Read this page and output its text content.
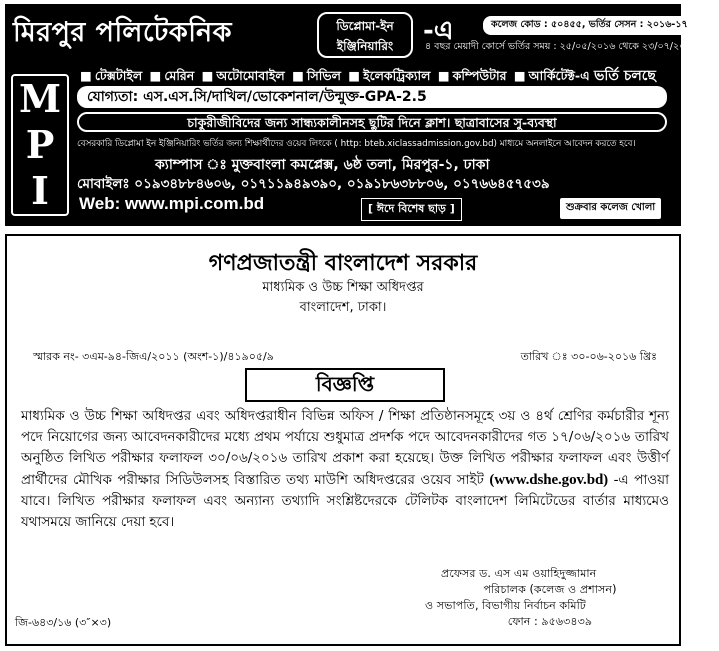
মিরপুর পলিটেকনিক	ডিপ্লোমা-ইন
ইঞ্জিনিয়ারিং	-এ	কলেজ কোড : ৫০৪৫৫, ভর্তির সেসন : ২০১৬-১৭
৪ বছর মেয়াদী কোর্সে ভর্তির সময় : ২৫/০৫/২০১৬ থেকে ২৩/০৭/২০১৬ পর্যন্ত
M
P
I
■ টেক্সটাইল ■ মেরিন ■ অটোমোবাইল ■ সিভিল ■ ইলেকট্রিক্যাল ■ কম্পিউটার ■ আর্কিটেক্ট-এ ভর্তি চলছে
যোগ্যতা: এস.এস.সি/দাখিল/ভোকেশনাল/উন্মুক্ত-GPA-2.5
চাকুরীজীবিদের জন্য সান্ধ্যকালীনসহ ছুটির দিনে ক্লাশ। ছাত্রাবাসের সু-ব্যবস্থা
বেসরকারি ডিপ্লোমা ইন ইঞ্জিনিয়ারিং ভর্তির জন্য শিক্ষার্থীদের ওয়েব লিংকে ( http: bteb.xiclassadmission.gov.bd) মাধ্যমে অনলাইনে আবেদন করতে হবে।
ক্যাম্পাস ঃ মুক্তবাংলা কমপ্লেক্স, ৬ষ্ঠ তলা, মিরপুর-১, ঢাকা
মোবাইলঃ ০১৯৩৪৮৮৪৬০৬, ০১৭১১৯৪৯৩৯০, ০১৯১৮৬৩৮৮০৬, ০১৭৬৬৪৫৭৫৩৯
Web: www.mpi.com.bd	[ ঈদে বিশেষ ছাড় ]	শুক্রবার কলেজ খোলা
গণপ্রজাতন্ত্রী বাংলাদেশ সরকার
মাধ্যমিক ও উচ্চ শিক্ষা অধিদপ্তর
বাংলাদেশ, ঢাকা।
স্মারক নং- ৩এম-৯৪-জিএ/২০১১ (অংশ-১)/৪১৯০৫/৯	তারিখ ঃ ৩০-০৬-২০১৬ খ্রিঃ
বিজ্ঞপ্তি
মাধ্যমিক ও উচ্চ শিক্ষা অধিদপ্তর এবং অধিদপ্তরাধীন বিভিন্ন অফিস / শিক্ষা প্রতিষ্ঠানসমূহে ৩য় ও ৪র্থ শ্রেণির কর্মচারীর শূন্য পদে নিয়োগের জন্য আবেদনকারীদের মধ্যে প্রথম পর্যায়ে শুধুমাত্র প্রদর্শক পদে আবেদনকারীদের গত ১৭/০৬/২০১৬ তারিখ অনুষ্ঠিত লিখিত পরীক্ষার ফলাফল ৩০/০৬/২০১৬ তারিখ প্রকাশ করা হয়েছে। উক্ত লিখিত পরীক্ষার ফলাফল এবং উত্তীর্ণ প্রার্থীদের মৌখিক পরীক্ষার সিডিউলসহ বিস্তারিত তথ্য মাউশি অধিদপ্তরের ওয়েব সাইট (www.dshe.gov.bd) -এ পাওয়া যাবে। লিখিত পরীক্ষার ফলাফল এবং অন্যান্য তথ্যাদি সংশ্লিষ্টদেরকে টেলিটক বাংলাদেশ লিমিটেডের বার্তার মাধ্যমেও যথাসময়ে জানিয়ে দেয়া হবে।
প্রফেসর ড. এস এম ওয়াহিদুজ্জামান
পরিচালক (কলেজ ও প্রশাসন)
ও সভাপতি, বিভাগীয় নির্বাচন কমিটি
ফোন : ৯৫৬৩৪৩৯
জি-৬৪৩/১৬ (৩″×৩)
